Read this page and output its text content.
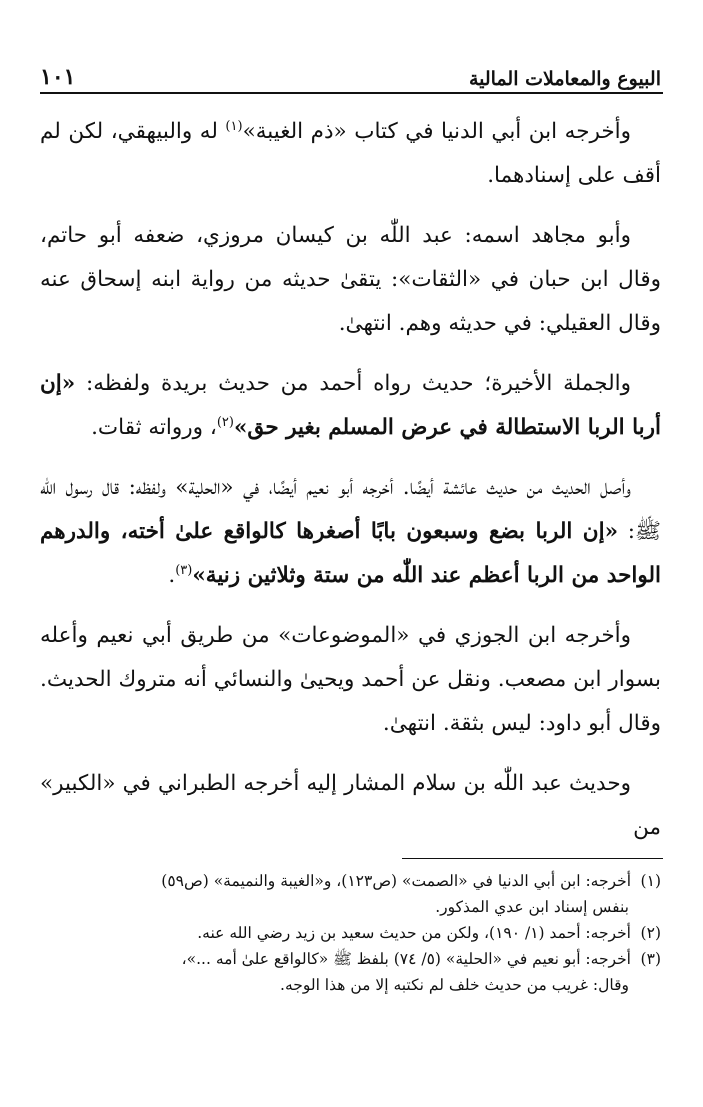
البيوع والمعاملات المالية
١٠١

وأخرجه ابن أبي الدنيا في كتاب «ذم الغيبة»$^{(١)}$ له والبيهقي، لكن لم أقف على إسناده‍ما.

وأبو مجاهد اسمه: عبد اللّٰه بن كيسان مروزي، ضعفه أبو حاتم، وقال ابن حبان في «الثقات»: يتقىٰ حديثه من رواية ابنه إسحاق عنه وقال العقيلي: في حديثه وهم. انتهىٰ.

والجملة الأخيرة؛ حديث رواه أحمد من حديث بريدة ولفظه: «إن أربا الربا الاستطالة في عرض المسلم بغير حق»$^{(٢)}$، ورواته ثقات.

وأصل الحديث من حديث عائشة أيضًا. أخرجه أبو نعيم أيضًا، في «الحلية» ولفظه: قال رسول اللّٰه ﷺ: «إن الربا بضع وسبعون بابًا أصغرها كالواقع علىٰ أخته، والدرهم الواحد من الربا أعظم عند اللّٰه من ستة وثلاثين زنية»$^{(٣)}$.

وأخرجه ابن الجوزي في «الموضوعات» من طريق أبي نعيم وأعله بسوار ابن مصعب. ونقل عن أحمد ويحيىٰ والنسائي أنه متروك الحديث. وقال أبو داود: ليس بثقة. انتهىٰ.

وحديث عبد اللّٰه بن سلام المشار إليه أخرجه الطبراني في «الكبير» من

(١)أخرجه: ابن أبي الدنيا في «الصمت» (ص١٢٣)، و«الغيبة والنميمة» (ص٥٩)

بنفس إسناد ابن عدي المذكور.

(٢)أخرجه: أحمد (١/ ١٩٠)، ولكن من حديث سعيد بن زيد رضي الله عنه.

(٣)أخرجه: أبو نعيم في «الحلية» (٥/ ٧٤) بلفظ ﷺ «كالواقع علىٰ أمه ...»،

وقال: غريب من حديث خلف لم نكتبه إلا من هذا الوجه.
